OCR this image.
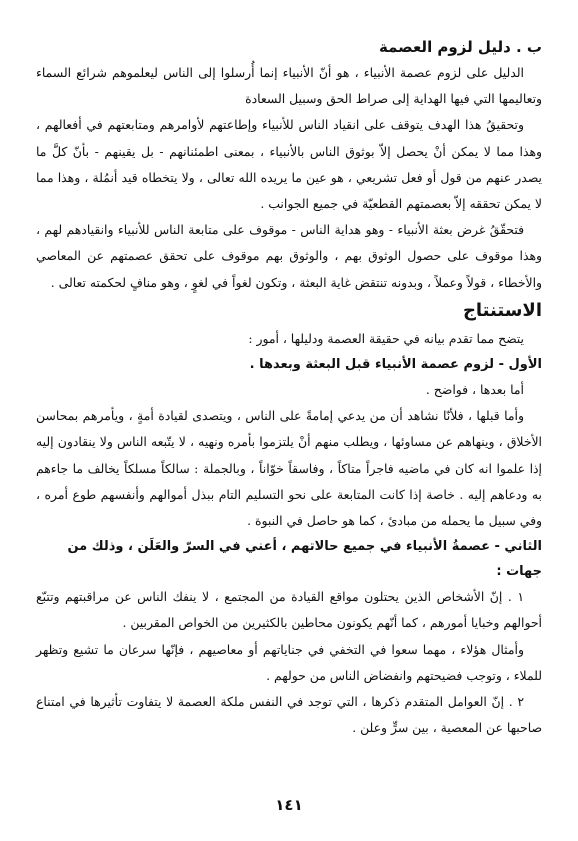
ب . دليل لزوم العصمة

الدليل على لزوم عصمة الأنبياء ، هو أنّ الأنبياء إنما أُرسلوا إلى الناس ليعلموهم شرائع السماء وتعاليمها التي فيها الهداية إلى صراط الحق وسبيل السعادة

وتحقيقُ هذا الهدف يتوقف على انقياد الناس للأنبياء وإطاعتهم لأوامرهم ومتابعتهم في أفعالهم ، وهذا مما لا يمكن أنْ يحصل إلاّ بوثوق الناس بالأنبياء ، بمعنى اطمئنانهم - بل يقينهم - بأنّ كلَّ ما يصدر عنهم من قول أو فعل تشريعي ، هو عين ما يريده الله تعالى ، ولا يتخطاه قيد أنمُلة ، وهذا مما لا يمكن تحققه إلاّ بعصمتهم القطعيّة في جميع الجوانب .

فتحقّقُ غرض بعثة الأنبياء - وهو هداية الناس - موقوف على متابعة الناس للأنبياء وانقيادهم لهم ، وهذا موقوف على حصول الوثوق بهم ، والوثوق بهم موقوف على تحقق عصمتهم عن المعاصي والأخطاء ، قولاً وعملاً ، وبدونه تنتقض غاية البعثة ، وتكون لغواً في لغوٍ ، وهو منافٍ لحكمته تعالى .

الاستنتاج

يتضح مما تقدم بيانه في حقيقة العصمة ودليلها ، أمور :

الأول - لزوم عصمة الأنبياء قبل البعثة وبعدها .

أما بعدها ، فواضح .

وأما قبلها ، فلأنّا نشاهد أن من يدعي إمامةً على الناس ، ويتصدى لقيادة أمةٍ ، ويأمرهم بمحاسن الأخلاق ، وينهاهم عن مساوئها ، ويطلب منهم أنْ يلتزموا بأمره ونهيه ، لا يتّبعه الناس ولا ينقادون إليه إذا علموا انه كان في ماضيه فاجراً متاكاً ، وفاسقاً خوّاناً ، وبالجملة : سالكاً مسلكاً يخالف ما جاءهم به ودعاهم إليه . خاصة إذا كانت المتابعة على نحو التسليم التام ببذل أموالهم وأنفسهم طوع أمره ، وفي سبيل ما يحمله من مبادئ ، كما هو حاصل في النبوة .

الثاني - عصمةُ الأنبياء في جميع حالاتهم ، أعني في السرّ والعَلَن ، وذلك من جهات :

١ . إنّ الأشخاص الذين يحتلون مواقع القيادة من المجتمع ، لا ينفك الناس عن مراقبتهم وتتبّع أحوالهم وخبايا أمورهم ، كما أنّهم يكونون محاطين بالكثيرين من الخواص المقربين .

وأمثال هؤلاء ، مهما سعوا في التخفي في جناياتهم أو معاصيهم ، فإنّها سرعان ما تشيع وتظهر للملاء ، وتوجب فضيحتهم وانفضاض الناس من حولهم .

٢ . إنّ العوامل المتقدم ذكرها ، التي توجد في النفس ملكة العصمة لا يتفاوت تأثيرها في امتناع صاحبها عن المعصية ، بين سرٍّ وعلن .

١٤١
